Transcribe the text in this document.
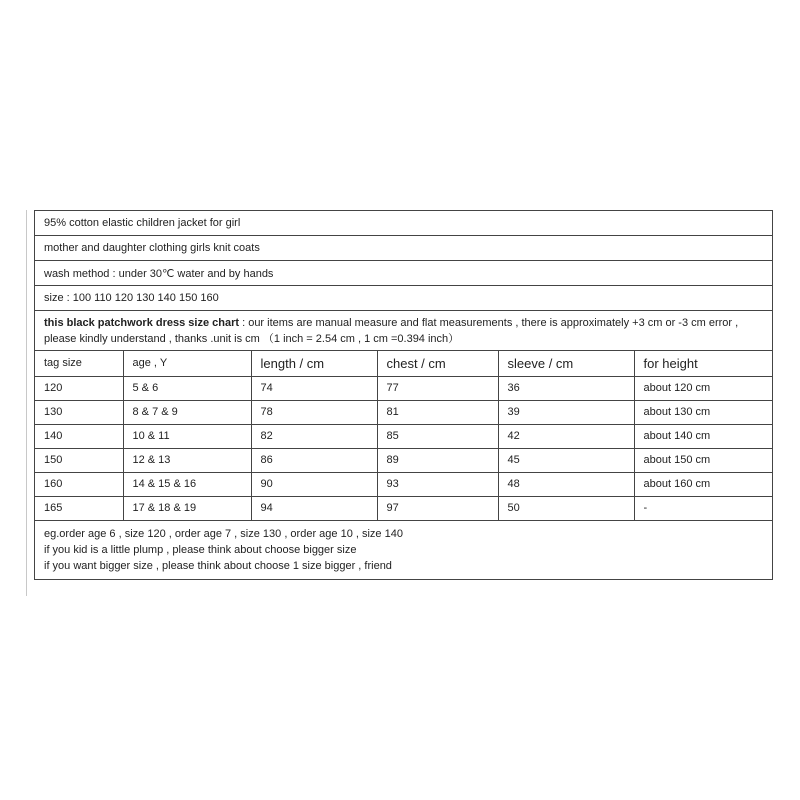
95% cotton elastic children jacket for girl
mother and daughter clothing girls knit coats
wash method : under 30℃ water and by hands
size : 100 110 120 130 140 150 160
this black patchwork dress size chart : our items are manual measure and flat measurements , there is approximately +3 cm or -3 cm error ,
please kindly understand , thanks .unit is cm （1 inch = 2.54 cm , 1 cm =0.394 inch）
tag size	age , Y	length / cm	chest / cm	sleeve / cm	for height
120	5 & 6	74	77	36	about 120 cm
130	8 & 7 & 9	78	81	39	about 130 cm
140	10 & 11	82	85	42	about 140 cm
150	12 & 13	86	89	45	about 150 cm
160	14 & 15 & 16	90	93	48	about 160 cm
165	17 & 18 & 19	94	97	50	-
eg.order age 6 , size 120 , order age 7 , size 130 , order age 10 , size 140
if you kid is a little plump , please think about choose bigger size
if you want bigger size , please think about choose 1 size bigger , friend
